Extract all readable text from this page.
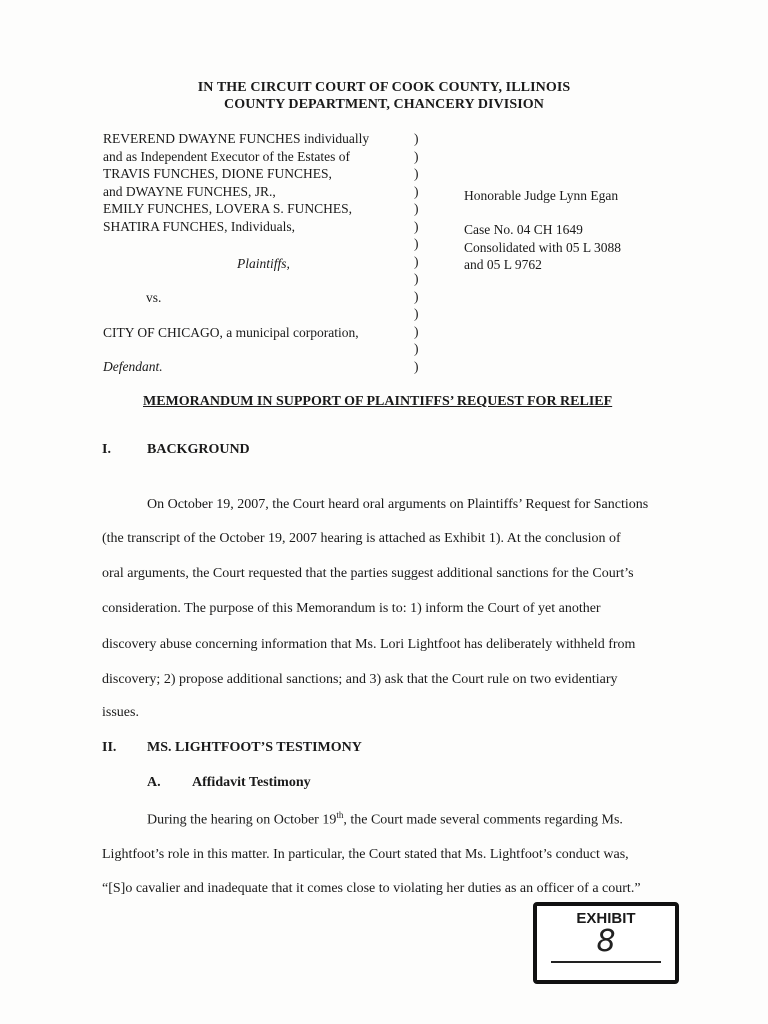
IN THE CIRCUIT COURT OF COOK COUNTY, ILLINOIS
COUNTY DEPARTMENT, CHANCERY DIVISION
REVEREND DWAYNE FUNCHES individually
and as Independent Executor of the Estates of
TRAVIS FUNCHES, DIONE FUNCHES,
and DWAYNE FUNCHES, JR.,
EMILY FUNCHES, LOVERA S. FUNCHES,
SHATIRA FUNCHES, Individuals,
Plaintiffs,
vs.
CITY OF CHICAGO, a municipal corporation,
Defendant.
)
)
)
)
)
)
)
)
)
)
)
)
)
)
Honorable Judge Lynn Egan
Case No. 04 CH 1649
Consolidated with 05 L 3088
and 05 L 9762
MEMORANDUM IN SUPPORT OF PLAINTIFFS’ REQUEST FOR RELIEF
I.	BACKGROUND
On October 19, 2007, the Court heard oral arguments on Plaintiffs’ Request for Sanctions
(the transcript of the October 19, 2007 hearing is attached as Exhibit 1). At the conclusion of
oral arguments, the Court requested that the parties suggest additional sanctions for the Court’s
consideration. The purpose of this Memorandum is to: 1) inform the Court of yet another
discovery abuse concerning information that Ms. Lori Lightfoot has deliberately withheld from
discovery; 2) propose additional sanctions; and 3) ask that the Court rule on two evidentiary
issues.
II. MS. LIGHTFOOT’S TESTIMONY
A. Affidavit Testimony
During the hearing on October 19th, the Court made several comments regarding Ms.
Lightfoot’s role in this matter. In particular, the Court stated that Ms. Lightfoot’s conduct was,
“[S]o cavalier and inadequate that it comes close to violating her duties as an officer of a court.”
EXHIBIT
8
